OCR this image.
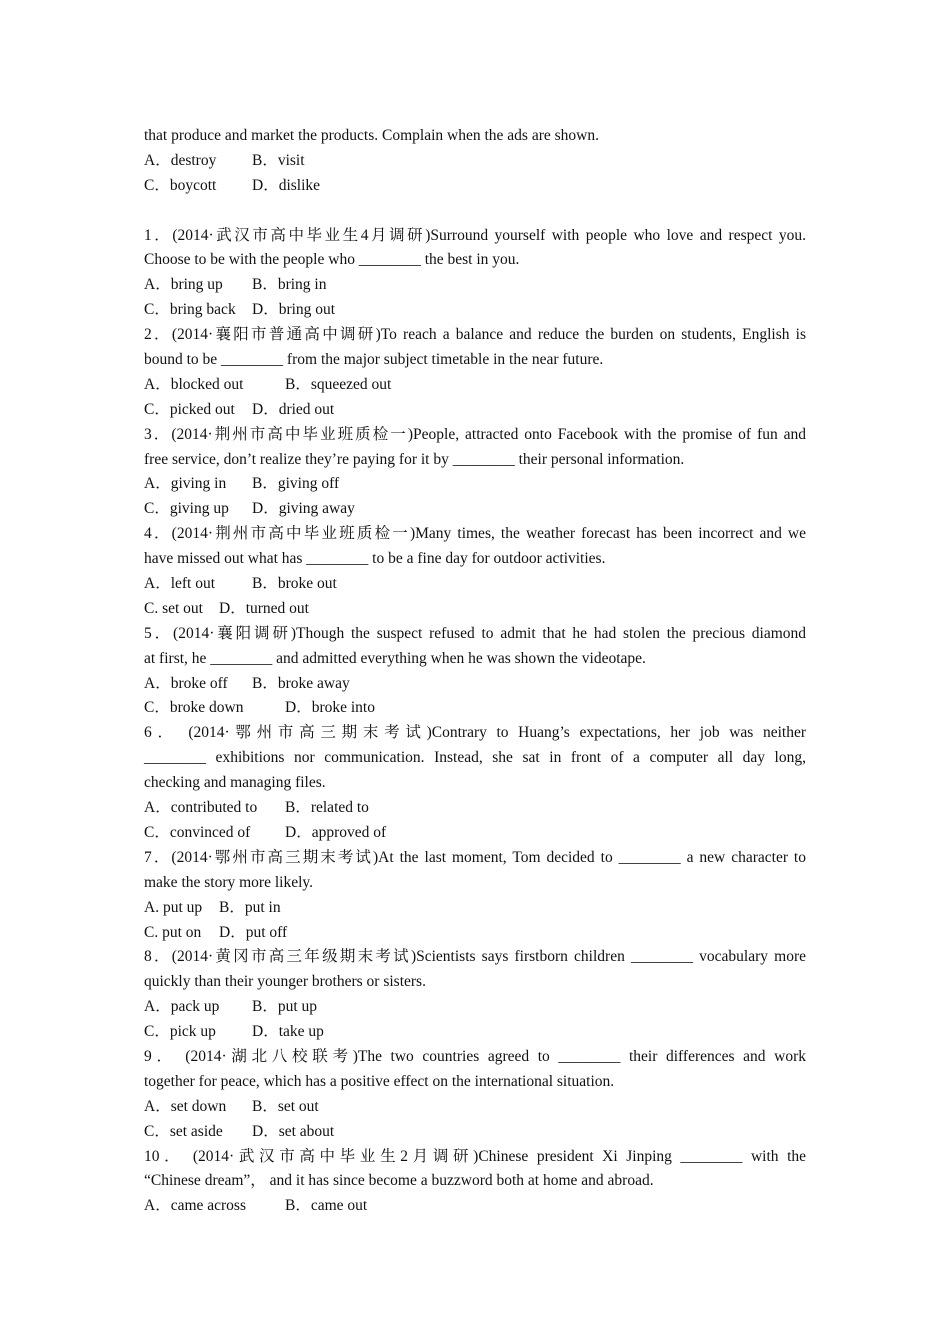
that produce and market the products. Complain when the ads are shown.
A．destroy B．visit
C．boycott D．dislike
1．(2014·武汉市高中毕业生4月调研)Surround yourself with people who love and respect you.
Choose to be with the people who ________ the best in you.
A．bring up B．bring in
C．bring back D．bring out
2．(2014·襄阳市普通高中调研)To reach a balance and reduce the burden on students, English is
bound to be ________ from the major subject timetable in the near future.
A．blocked out	B．squeezed out
C．picked out D．dried out
3．(2014·荆州市高中毕业班质检一)People, attracted onto Facebook with the promise of fun and
free service, don’t realize they’re paying for it by ________ their personal information.
A．giving in B．giving off
C．giving up D．giving away
4．(2014·荆州市高中毕业班质检一)Many times, the weather forecast has been incorrect and we
have missed out what has ________ to be a fine day for outdoor activities.
A．left out B．broke out
C. set out D．turned out
5．(2014·襄阳调研)Though the suspect refused to admit that he had stolen the precious diamond
at first, he ________ and admitted everything when he was shown the videotape.
A．broke off B．broke away
C．broke down	D．broke into
6． (2014·鄂州市高三期末考试)Contrary to Huang’s expectations, her job was neither
________ exhibitions nor communication. Instead, she sat in front of a computer all day long,
checking and managing files.
A．contributed to B．related to
C．convinced of D．approved of
7．(2014·鄂州市高三期末考试)At the last moment, Tom decided to ________ a new character to
make the story more likely.
A. put up B．put in
C. put on D．put off
8．(2014·黄冈市高三年级期末考试)Scientists says firstborn children ________ vocabulary more
quickly than their younger brothers or sisters.
A．pack up B．put up
C．pick up D．take up
9． (2014·湖北八校联考)The two countries agreed to ________ their differences and work
together for peace, which has a positive effect on the international situation.
A．set down B．set out
C．set aside D．set about
10． (2014·武汉市高中毕业生2月调研)Chinese president Xi Jinping ________ with the
“Chinese dream”， and it has since become a buzzword both at home and abroad.
A．came across	B．came out
